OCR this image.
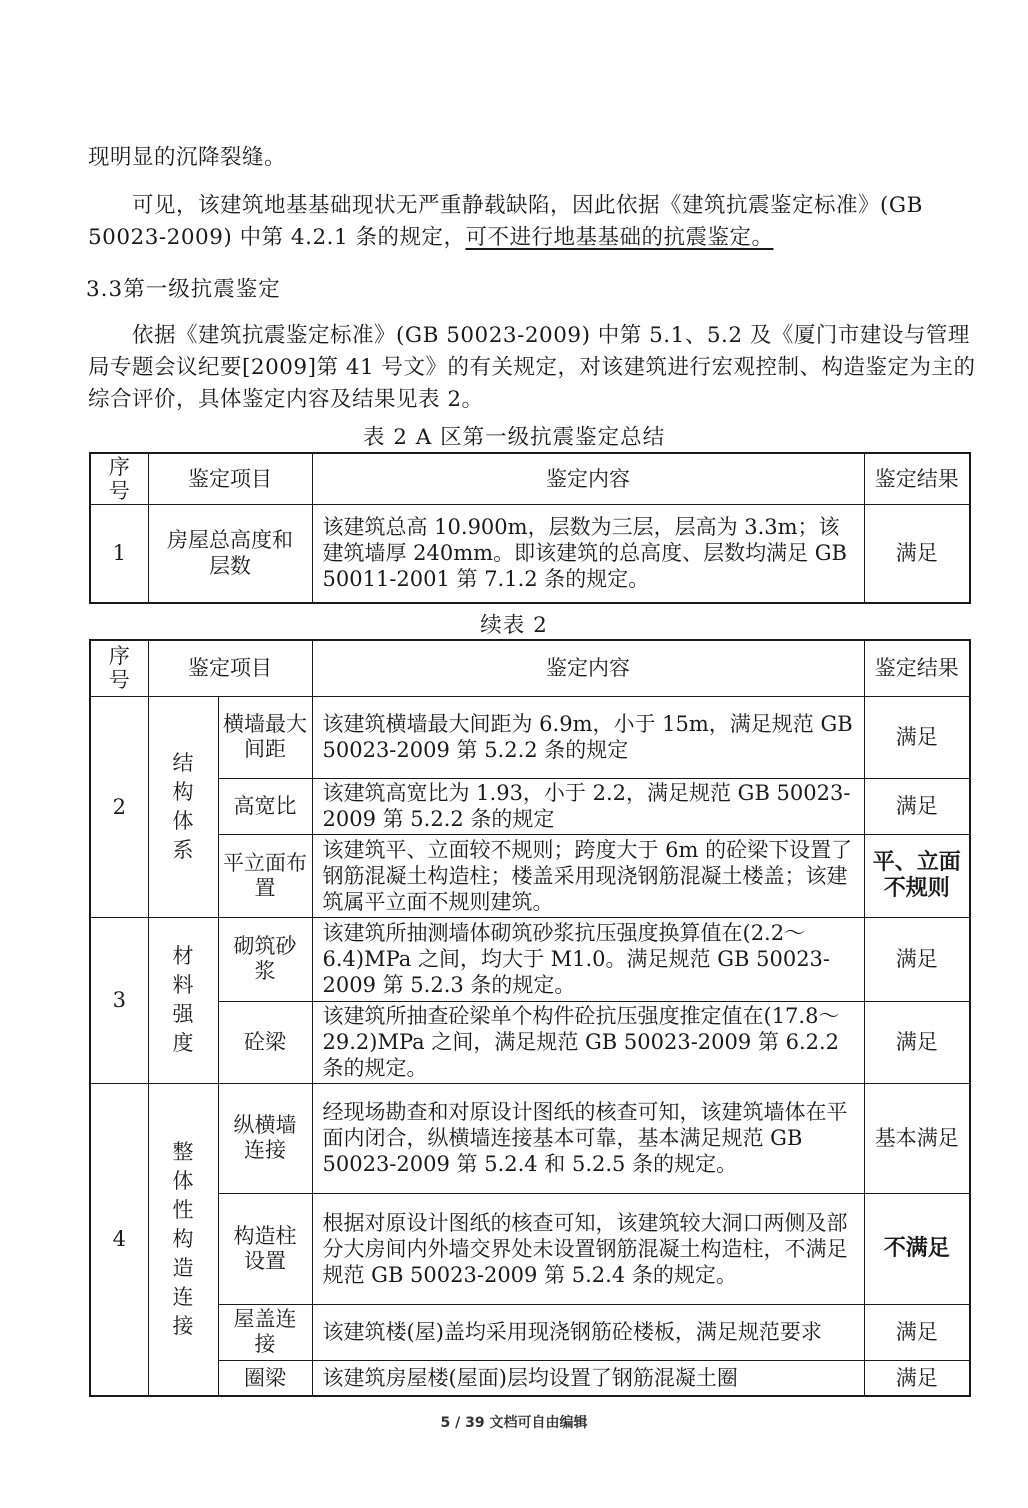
现明显的沉降裂缝。

可见，该建筑地基基础现状无严重静载缺陷，因此依据《建筑抗震鉴定标准》(GB 50023-2009) 中第 4.2.1 条的规定，可不进行地基基础的抗震鉴定。

3.3第一级抗震鉴定

依据《建筑抗震鉴定标准》(GB 50023-2009) 中第 5.1、5.2 及《厦门市建设与管理局专题会议纪要[2009]第 41 号文》的有关规定，对该建筑进行宏观控制、构造鉴定为主的综合评价，具体鉴定内容及结果见表 2。

表 2 A 区第一级抗震鉴定总结

序号	鉴定项目	鉴定内容	鉴定结果
1	房屋总高度和层数	该建筑总高 10.900m，层数为三层，层高为 3.3m；该建筑墙厚 240mm。即该建筑的总高度、层数均满足 GB 50011-2001 第 7.1.2 条的规定。	满足

续表 2

序号	鉴定项目		鉴定内容	鉴定结果
2	结构体系	横墙最大间距	该建筑横墙最大间距为 6.9m，小于 15m，满足规范 GB 50023-2009 第 5.2.2 条的规定	满足
		高宽比	该建筑高宽比为 1.93，小于 2.2，满足规范 GB 50023-2009 第 5.2.2 条的规定	满足
		平立面布置	该建筑平、立面较不规则；跨度大于 6m 的砼梁下设置了钢筋混凝土构造柱；楼盖采用现浇钢筋混凝土楼盖；该建筑属平立面不规则建筑。	平、立面不规则
3	材料强度	砌筑砂浆	该建筑所抽测墙体砌筑砂浆抗压强度换算值在(2.2～6.4)MPa 之间，均大于 M1.0。满足规范 GB 50023-2009 第 5.2.3 条的规定。	满足
		砼梁	该建筑所抽查砼梁单个构件砼抗压强度推定值在(17.8～29.2)MPa 之间，满足规范 GB 50023-2009 第 6.2.2 条的规定。	满足
4	整体性构造连接	纵横墙连接	经现场勘查和对原设计图纸的核查可知，该建筑墙体在平面内闭合，纵横墙连接基本可靠，基本满足规范 GB 50023-2009 第 5.2.4 和 5.2.5 条的规定。	基本满足
		构造柱设置	根据对原设计图纸的核查可知，该建筑较大洞口两侧及部分大房间内外墙交界处未设置钢筋混凝土构造柱，不满足规范 GB 50023-2009 第 5.2.4 条的规定。	不满足
		屋盖连接	该建筑楼(屋)盖均采用现浇钢筋砼楼板，满足规范要求	满足
		圈梁	该建筑房屋楼(屋面)层均设置了钢筋混凝土圈	满足
5 / 39 文档可自由编辑
